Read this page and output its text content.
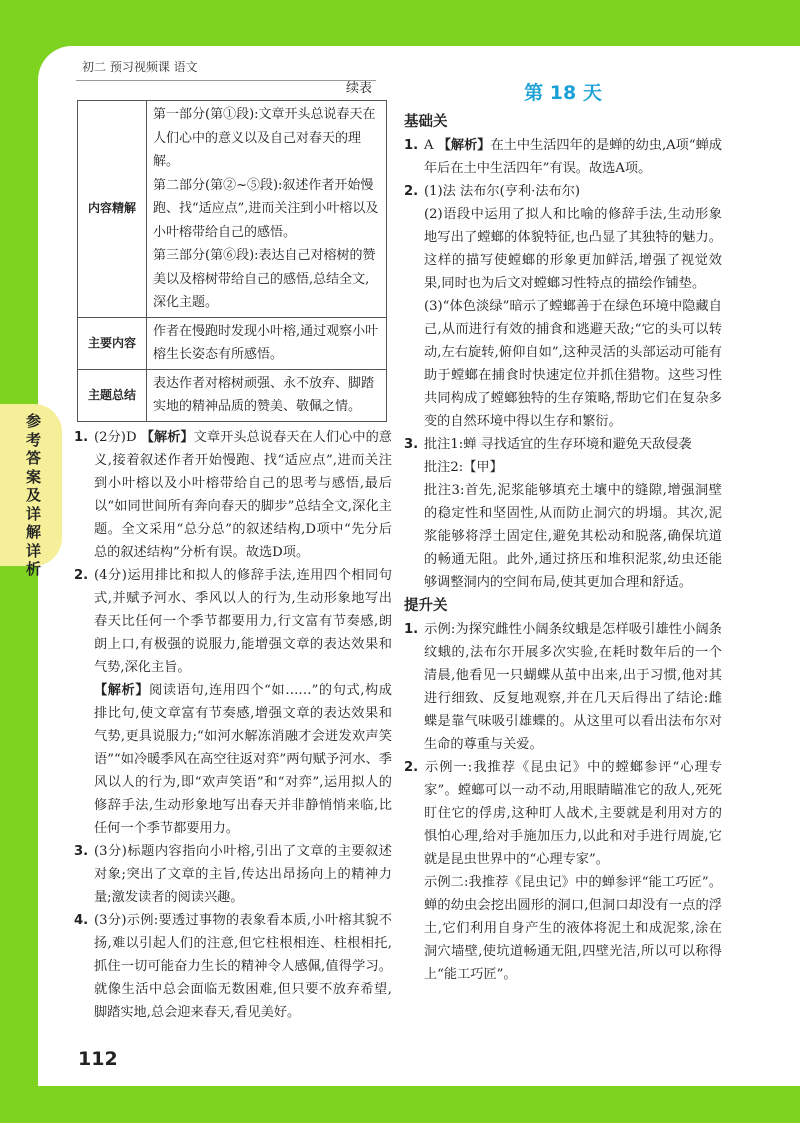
初二 预习视频课 语文
参考答案及详解详析
续表
内容精解	第一部分(第①段):文章开头总说春天在人们心中的意义以及自己对春天的理解。

第二部分(第②~⑤段):叙述作者开始慢跑、找“适应点”,进而关注到小叶榕以及小叶榕带给自己的感悟。

第三部分(第⑥段):表达自己对榕树的赞美以及榕树带给自己的感悟,总结全文,深化主题。

主要内容	作者在慢跑时发现小叶榕,通过观察小叶榕生长姿态有所感悟。

主题总结	表达作者对榕树顽强、永不放弃、脚踏实地的精神品质的赞美、敬佩之情。

1. (2分)D 【解析】文章开头总说春天在人们心中的意义,接着叙述作者开始慢跑、找“适应点”,进而关注到小叶榕以及小叶榕带给自己的思考与感悟,最后以“如同世间所有奔向春天的脚步”总结全文,深化主题。全文采用“总分总”的叙述结构,D项中“先分后总的叙述结构”分析有误。故选D项。

2. (4分)运用排比和拟人的修辞手法,连用四个相同句式,并赋予河水、季风以人的行为,生动形象地写出春天比任何一个季节都要用力,行文富有节奏感,朗朗上口,有极强的说服力,能增强文章的表达效果和气势,深化主旨。

【解析】阅读语句,连用四个“如……”的句式,构成排比句,使文章富有节奏感,增强文章的表达效果和气势,更具说服力;“如河水解冻消融才会迸发欢声笑语”“如冷暖季风在高空往返对弈”两句赋予河水、季风以人的行为,即“欢声笑语”和“对弈”,运用拟人的修辞手法,生动形象地写出春天并非静悄悄来临,比任何一个季节都要用力。

3. (3分)标题内容指向小叶榕,引出了文章的主要叙述对象;突出了文章的主旨,传达出昂扬向上的精神力量;激发读者的阅读兴趣。

4. (3分)示例:要透过事物的表象看本质,小叶榕其貌不扬,难以引起人们的注意,但它柱根相连、柱根相托,抓住一切可能奋力生长的精神令人感佩,值得学习。就像生活中总会面临无数困难,但只要不放弃希望,脚踏实地,总会迎来春天,看见美好。

第 18 天
基础关

1. A 【解析】在土中生活四年的是蝉的幼虫,A项“蝉成年后在土中生活四年”有误。故选A项。

2. (1)法 法布尔(亨利·法布尔)

(2)语段中运用了拟人和比喻的修辞手法,生动形象地写出了螳螂的体貌特征,也凸显了其独特的魅力。这样的描写使螳螂的形象更加鲜活,增强了视觉效果,同时也为后文对螳螂习性特点的描绘作铺垫。

(3)“体色淡绿”暗示了螳螂善于在绿色环境中隐藏自己,从而进行有效的捕食和逃避天敌;“它的头可以转动,左右旋转,俯仰自如”,这种灵活的头部运动可能有助于螳螂在捕食时快速定位并抓住猎物。这些习性共同构成了螳螂独特的生存策略,帮助它们在复杂多变的自然环境中得以生存和繁衍。

3. 批注1:蝉 寻找适宜的生存环境和避免天敌侵袭

批注2:【甲】

批注3:首先,泥浆能够填充土壤中的缝隙,增强洞壁的稳定性和坚固性,从而防止洞穴的坍塌。其次,泥浆能够将浮土固定住,避免其松动和脱落,确保坑道的畅通无阻。此外,通过挤压和堆积泥浆,幼虫还能够调整洞内的空间布局,使其更加合理和舒适。

提升关

1. 示例:为探究雌性小阔条纹蛾是怎样吸引雄性小阔条纹蛾的,法布尔开展多次实验,在耗时数年后的一个清晨,他看见一只蝴蝶从茧中出来,出于习惯,他对其进行细致、反复地观察,并在几天后得出了结论:雌蝶是靠气味吸引雄蝶的。从这里可以看出法布尔对生命的尊重与关爱。

2. 示例一:我推荐《昆虫记》中的螳螂参评“心理专家”。螳螂可以一动不动,用眼睛瞄准它的敌人,死死盯住它的俘虏,这种盯人战术,主要就是利用对方的惧怕心理,给对手施加压力,以此和对手进行周旋,它就是昆虫世界中的“心理专家”。

示例二:我推荐《昆虫记》中的蝉参评“能工巧匠”。蝉的幼虫会挖出圆形的洞口,但洞口却没有一点的浮土,它们利用自身产生的液体将泥土和成泥浆,涂在洞穴墙壁,使坑道畅通无阻,四壁光洁,所以可以称得上“能工巧匠”。

112
